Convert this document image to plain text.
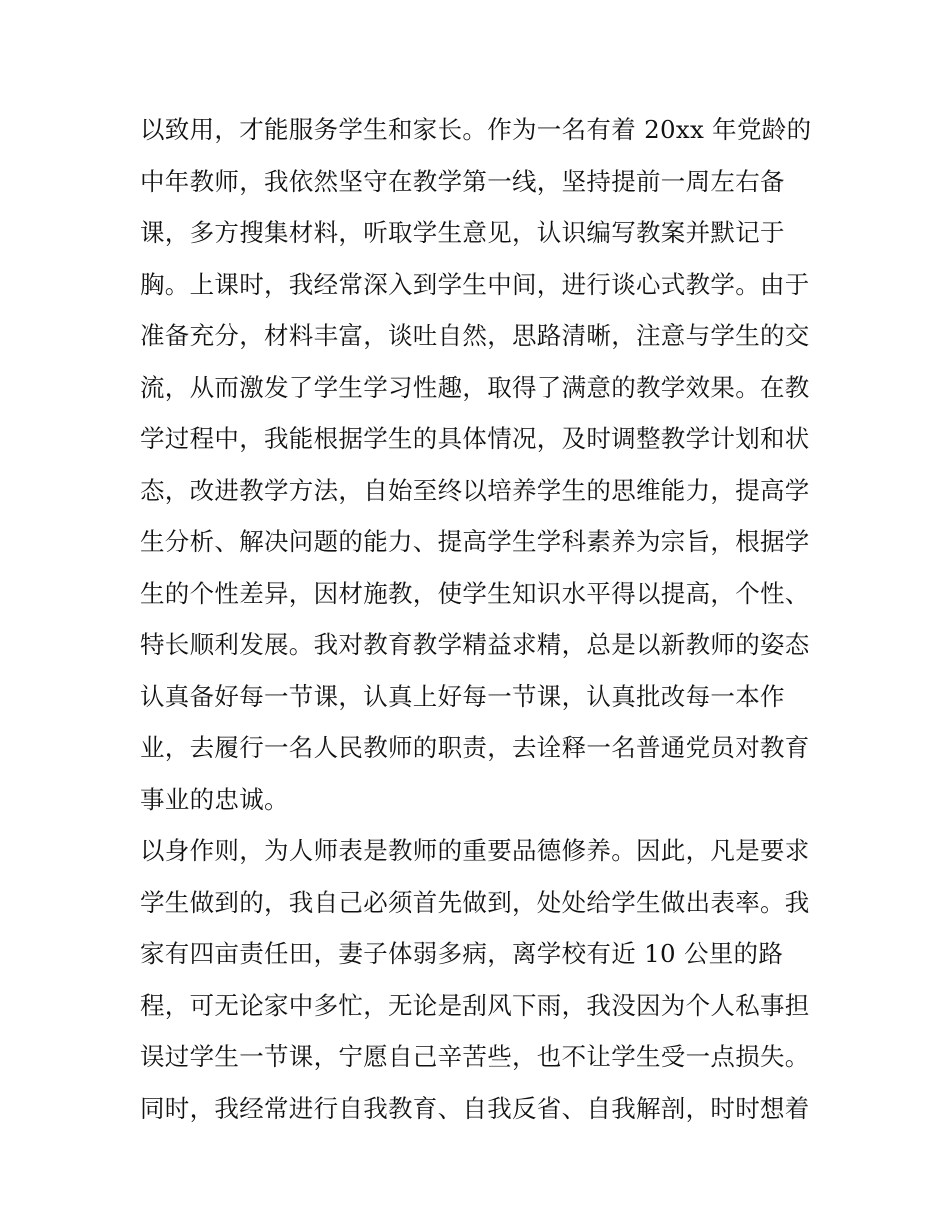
以致用，才能服务学生和家长。作为一名有着 20xx 年党龄的
中年教师，我依然坚守在教学第一线，坚持提前一周左右备
课，多方搜集材料，听取学生意见，认识编写教案并默记于
胸。上课时，我经常深入到学生中间，进行谈心式教学。由于
准备充分，材料丰富，谈吐自然，思路清晰，注意与学生的交
流，从而激发了学生学习性趣，取得了满意的教学效果。在教
学过程中，我能根据学生的具体情况，及时调整教学计划和状
态，改进教学方法，自始至终以培养学生的思维能力，提高学
生分析、解决问题的能力、提高学生学科素养为宗旨，根据学
生的个性差异，因材施教，使学生知识水平得以提高，个性、
特长顺利发展。我对教育教学精益求精，总是以新教师的姿态
认真备好每一节课，认真上好每一节课，认真批改每一本作
业，去履行一名人民教师的职责，去诠释一名普通党员对教育
事业的忠诚。
以身作则，为人师表是教师的重要品德修养。因此，凡是要求
学生做到的，我自己必须首先做到，处处给学生做出表率。我
家有四亩责任田，妻子体弱多病，离学校有近 10 公里的路
程，可无论家中多忙，无论是刮风下雨，我没因为个人私事担
误过学生一节课，宁愿自己辛苦些，也不让学生受一点损失。
同时，我经常进行自我教育、自我反省、自我解剖，时时想着
